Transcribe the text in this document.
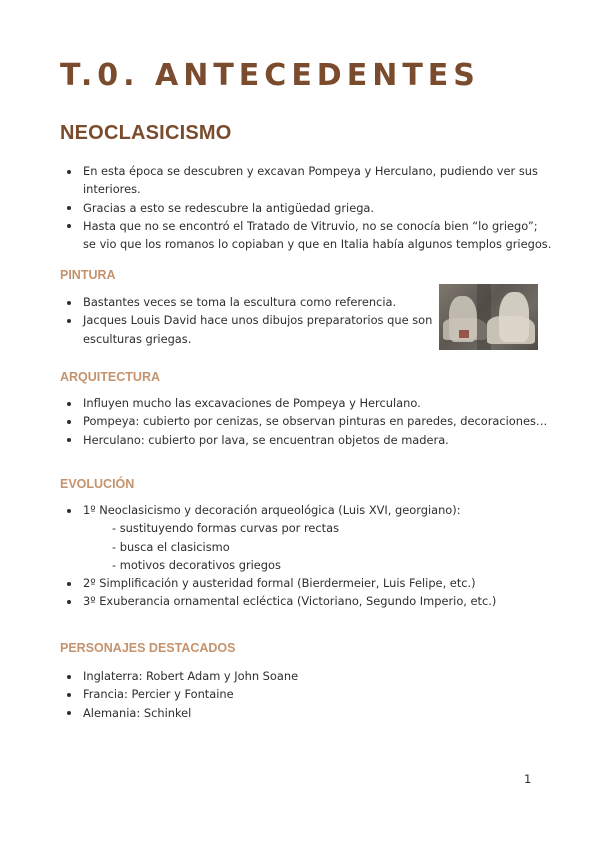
T.0. ANTECEDENTES
NEOCLASICISMO
En esta época se descubren y excavan Pompeya y Herculano, pudiendo ver sus interiores.
Gracias a esto se redescubre la antigüedad griega.
Hasta que no se encontró el Tratado de Vitruvio, no se conocía bien “lo griego”; se vio que los romanos lo copiaban y que en Italia había algunos templos griegos.
PINTURA
Bastantes veces se toma la escultura como referencia.
Jacques Louis David hace unos dibujos preparatorios que son esculturas griegas.
ARQUITECTURA
Influyen mucho las excavaciones de Pompeya y Herculano.
Pompeya: cubierto por cenizas, se observan pinturas en paredes, decoraciones…
Herculano: cubierto por lava, se encuentran objetos de madera.
EVOLUCIÓN
1º Neoclasicismo y decoración arqueológica (Luis XVI, georgiano):
- sustituyendo formas curvas por rectas
- busca el clasicismo
- motivos decorativos griegos
2º Simplificación y austeridad formal (Bierdermeier, Luis Felipe, etc.)
3º Exuberancia ornamental ecléctica (Victoriano, Segundo Imperio, etc.)
PERSONAJES DESTACADOS
Inglaterra: Robert Adam y John Soane
Francia: Percier y Fontaine
Alemania: Schinkel
1
